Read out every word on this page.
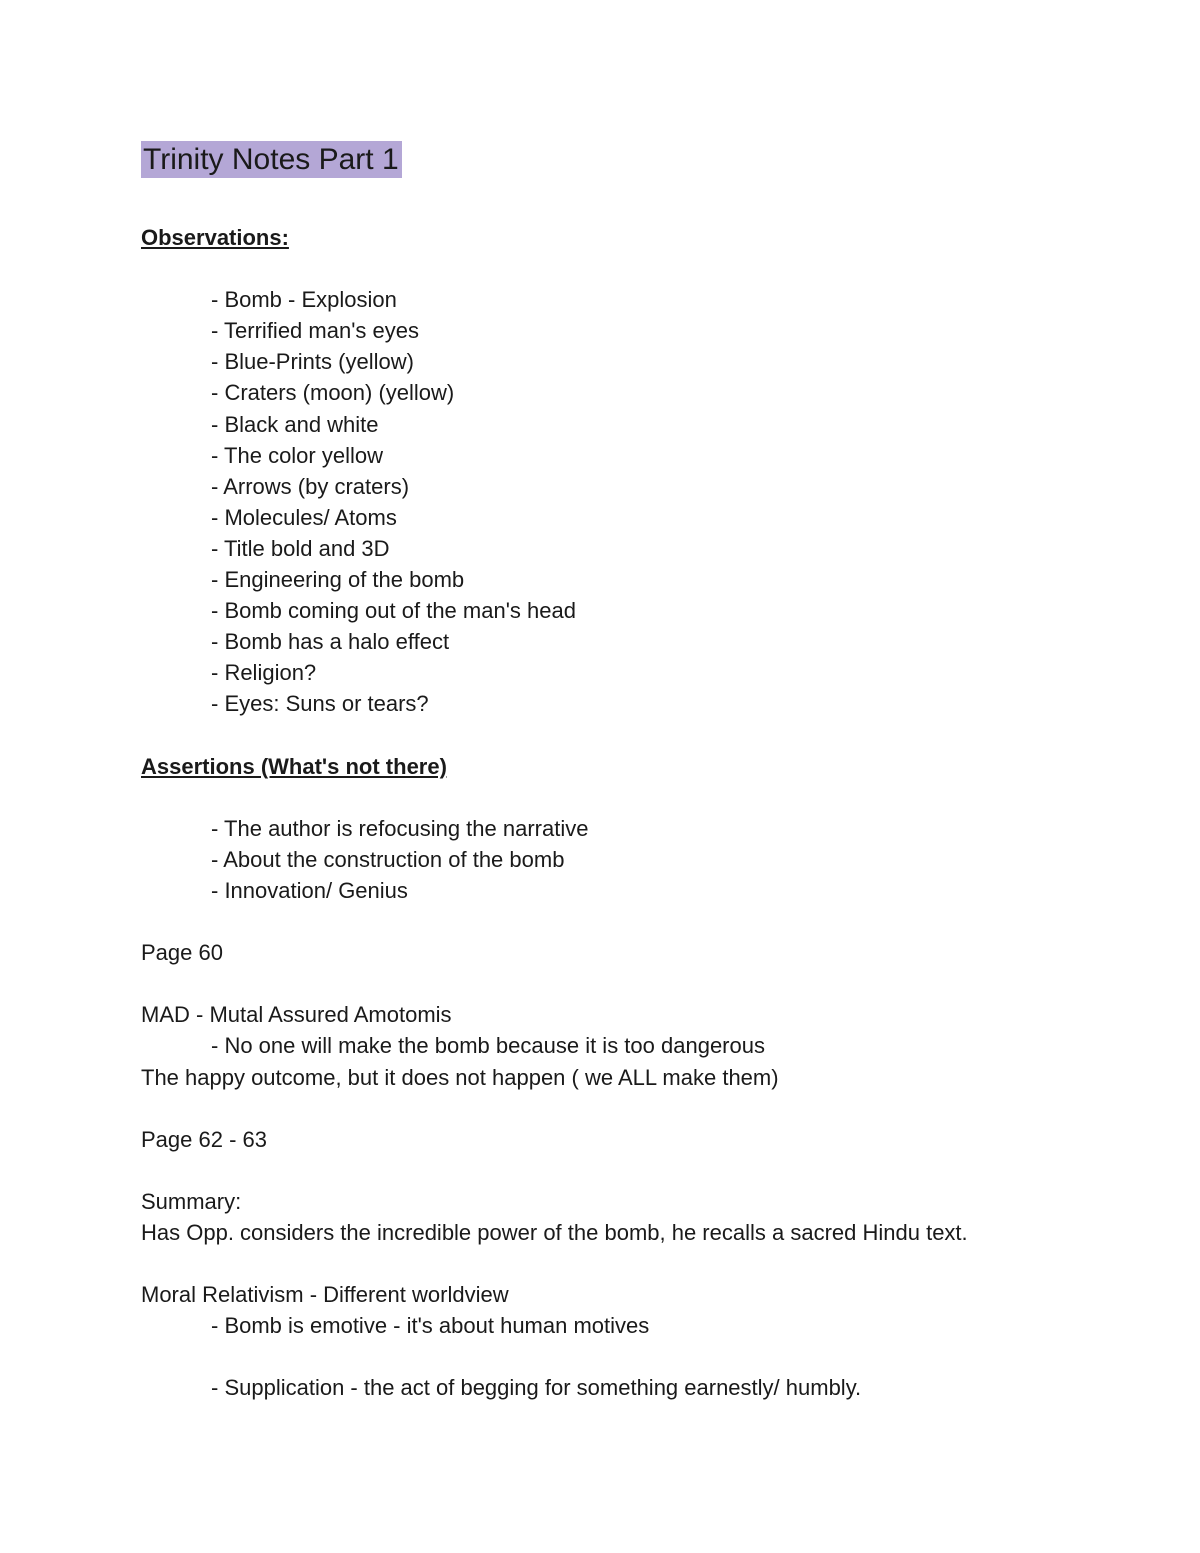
Trinity Notes Part 1
Observations:
- Bomb - Explosion
- Terrified man's eyes
- Blue-Prints (yellow)
- Craters (moon) (yellow)
- Black and white
- The color yellow
- Arrows (by craters)
- Molecules/ Atoms
- Title bold and 3D
- Engineering of the bomb
- Bomb coming out of the man's head
- Bomb has a halo effect
- Religion?
- Eyes: Suns or tears?
Assertions (What's not there)
- The author is refocusing the narrative
- About the construction of the bomb
- Innovation/ Genius
Page 60
MAD - Mutal Assured Amotomis
- No one will make the bomb because it is too dangerous
The happy outcome, but it does not happen ( we ALL make them)
Page 62 - 63
Summary:
Has Opp. considers the incredible power of the bomb, he recalls a sacred Hindu text.
Moral Relativism - Different worldview
- Bomb is emotive - it's about human motives
- Supplication - the act of begging for something earnestly/ humbly.
